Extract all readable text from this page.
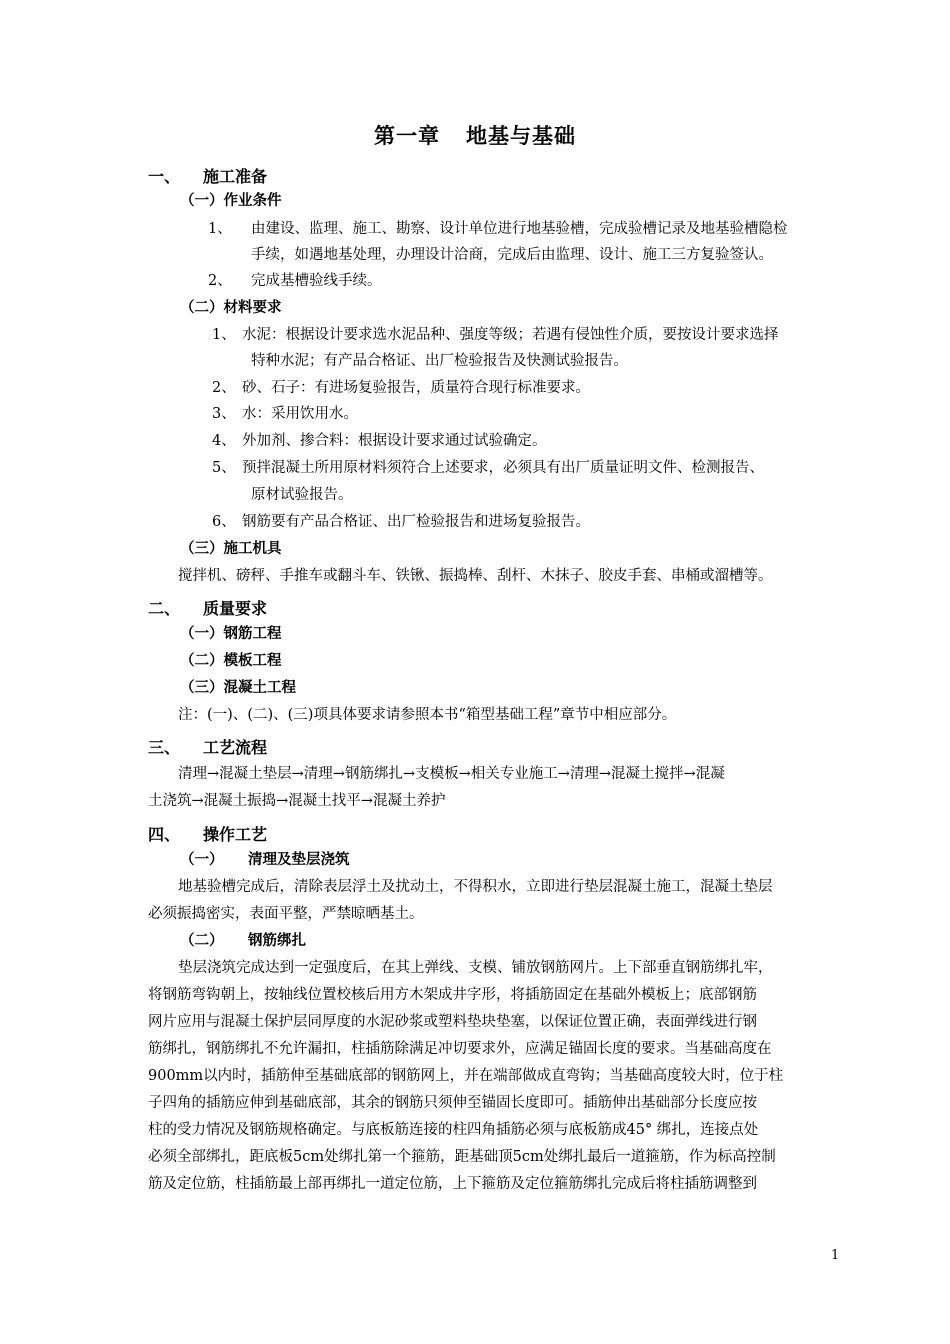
第一章 地基与基础
一、 施工准备
（一）作业条件
1、 由建设、监理、施工、勘察、设计单位进行地基验槽，完成验槽记录及地基验槽隐检
手续，如遇地基处理，办理设计洽商，完成后由监理、设计、施工三方复验签认。
2、 完成基槽验线手续。
（二）材料要求
1、 水泥：根据设计要求选水泥品种、强度等级；若遇有侵蚀性介质，要按设计要求选择
特种水泥；有产品合格证、出厂检验报告及快测试验报告。
2、 砂、石子：有进场复验报告，质量符合现行标准要求。
3、 水：采用饮用水。
4、 外加剂、掺合料：根据设计要求通过试验确定。
5、 预拌混凝土所用原材料须符合上述要求，必须具有出厂质量证明文件、检测报告、
原材试验报告。
6、 钢筋要有产品合格证、出厂检验报告和进场复验报告。
（三）施工机具
搅拌机、磅秤、手推车或翻斗车、铁锹、振捣棒、刮杆、木抹子、胶皮手套、串桶或溜槽等。
二、 质量要求
（一）钢筋工程
（二）模板工程
（三）混凝土工程
注：(一)、(二)、(三)项具体要求请参照本书“箱型基础工程”章节中相应部分。
三、 工艺流程
清理→混凝土垫层→清理→钢筋绑扎→支模板→相关专业施工→清理→混凝土搅拌→混凝
土浇筑→混凝土振捣→混凝土找平→混凝土养护
四、 操作工艺
（一） 清理及垫层浇筑
地基验槽完成后，清除表层浮土及扰动土，不得积水，立即进行垫层混凝土施工，混凝土垫层
必须振捣密实，表面平整，严禁晾晒基土。
（二） 钢筋绑扎
垫层浇筑完成达到一定强度后，在其上弹线、支模、铺放钢筋网片。上下部垂直钢筋绑扎牢，
将钢筋弯钩朝上，按轴线位置校核后用方木架成井字形，将插筋固定在基础外模板上；底部钢筋
网片应用与混凝土保护层同厚度的水泥砂浆或塑料垫块垫塞，以保证位置正确，表面弹线进行钢
筋绑扎，钢筋绑扎不允许漏扣，柱插筋除满足冲切要求外，应满足锚固长度的要求。当基础高度在
900mm以内时，插筋伸至基础底部的钢筋网上，并在端部做成直弯钩；当基础高度较大时，位于柱
子四角的插筋应伸到基础底部，其余的钢筋只须伸至锚固长度即可。插筋伸出基础部分长度应按
柱的受力情况及钢筋规格确定。与底板筋连接的柱四角插筋必须与底板筋成45° 绑扎，连接点处
必须全部绑扎，距底板5cm处绑扎第一个箍筋，距基础顶5cm处绑扎最后一道箍筋，作为标高控制
筋及定位筋，柱插筋最上部再绑扎一道定位筋，上下箍筋及定位箍筋绑扎完成后将柱插筋调整到
1
